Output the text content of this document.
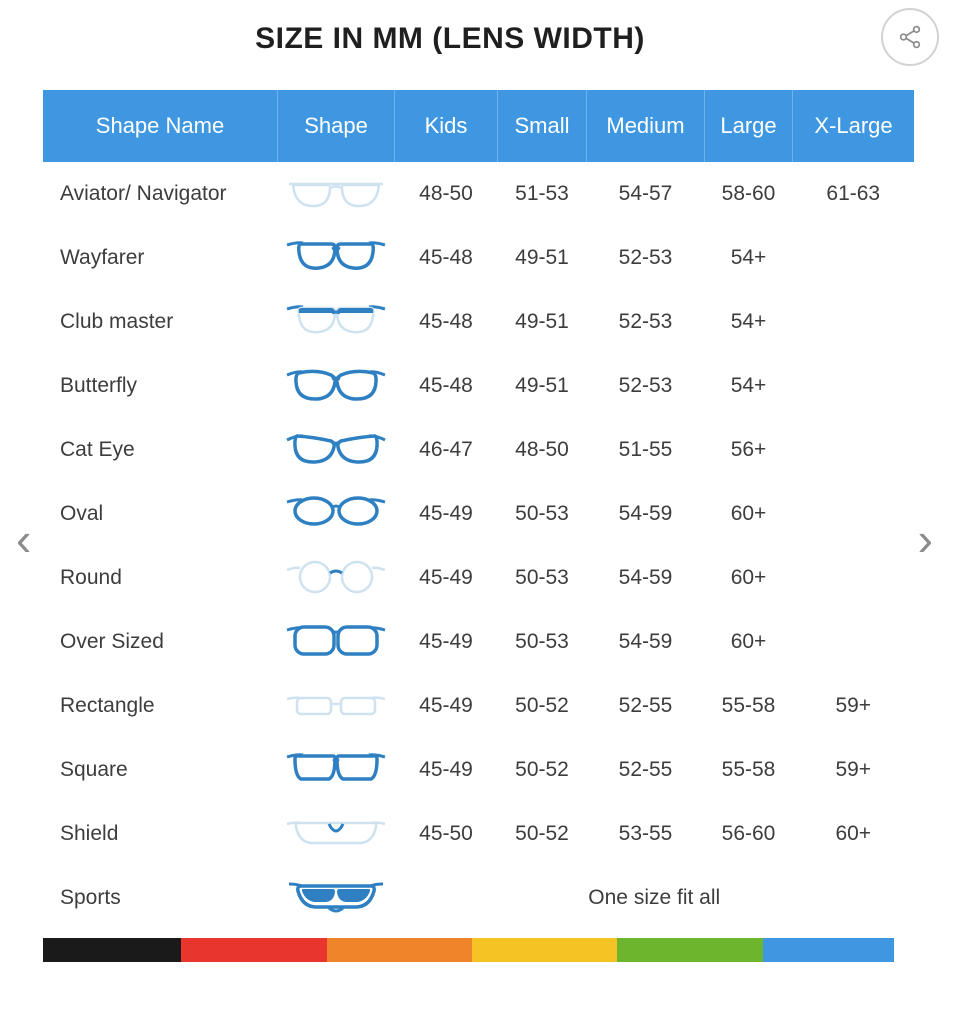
SIZE IN MM (LENS WIDTH)
‹	›
Shape Name	Shape	Kids	Small	Medium	Large	X-Large
Aviator/ Navigator		48-50	51-53	54-57	58-60	61-63
Wayfarer		45-48	49-51	52-53	54+	
Club master		45-48	49-51	52-53	54+	
Butterfly		45-48	49-51	52-53	54+	
Cat Eye		46-47	48-50	51-55	56+	
Oval		45-49	50-53	54-59	60+	
Round		45-49	50-53	54-59	60+	
Over Sized		45-49	50-53	54-59	60+	
Rectangle		45-49	50-52	52-55	55-58	59+
Square		45-49	50-52	52-55	55-58	59+
Shield		45-50	50-52	53-55	56-60	60+
Sports		One size fit all				
